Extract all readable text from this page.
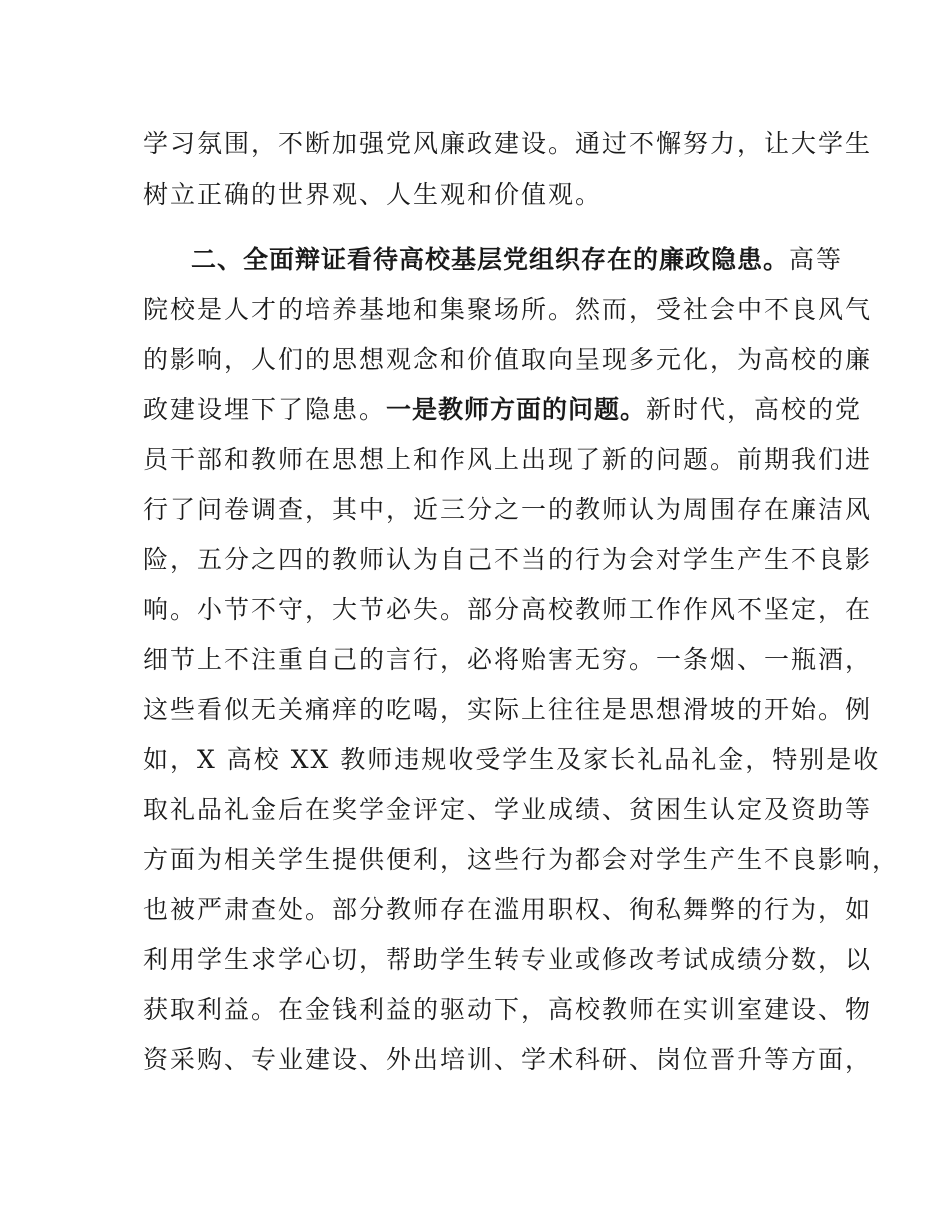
学习氛围，不断加强党风廉政建设。通过不懈努力，让大学生
树立正确的世界观、人生观和价值观。
二、全面辩证看待高校基层党组织存在的廉政隐患。高等
院校是人才的培养基地和集聚场所。然而，受社会中不良风气
的影响，人们的思想观念和价值取向呈现多元化，为高校的廉
政建设埋下了隐患。一是教师方面的问题。新时代，高校的党
员干部和教师在思想上和作风上出现了新的问题。前期我们进
行了问卷调查，其中，近三分之一的教师认为周围存在廉洁风
险，五分之四的教师认为自己不当的行为会对学生产生不良影
响。小节不守，大节必失。部分高校教师工作作风不坚定，在
细节上不注重自己的言行，必将贻害无穷。一条烟、一瓶酒，
这些看似无关痛痒的吃喝，实际上往往是思想滑坡的开始。例
如，X 高校 XX 教师违规收受学生及家长礼品礼金，特别是收
取礼品礼金后在奖学金评定、学业成绩、贫困生认定及资助等
方面为相关学生提供便利，这些行为都会对学生产生不良影响，
也被严肃查处。部分教师存在滥用职权、徇私舞弊的行为，如
利用学生求学心切，帮助学生转专业或修改考试成绩分数，以
获取利益。在金钱利益的驱动下，高校教师在实训室建设、物
资采购、专业建设、外出培训、学术科研、岗位晋升等方面，
